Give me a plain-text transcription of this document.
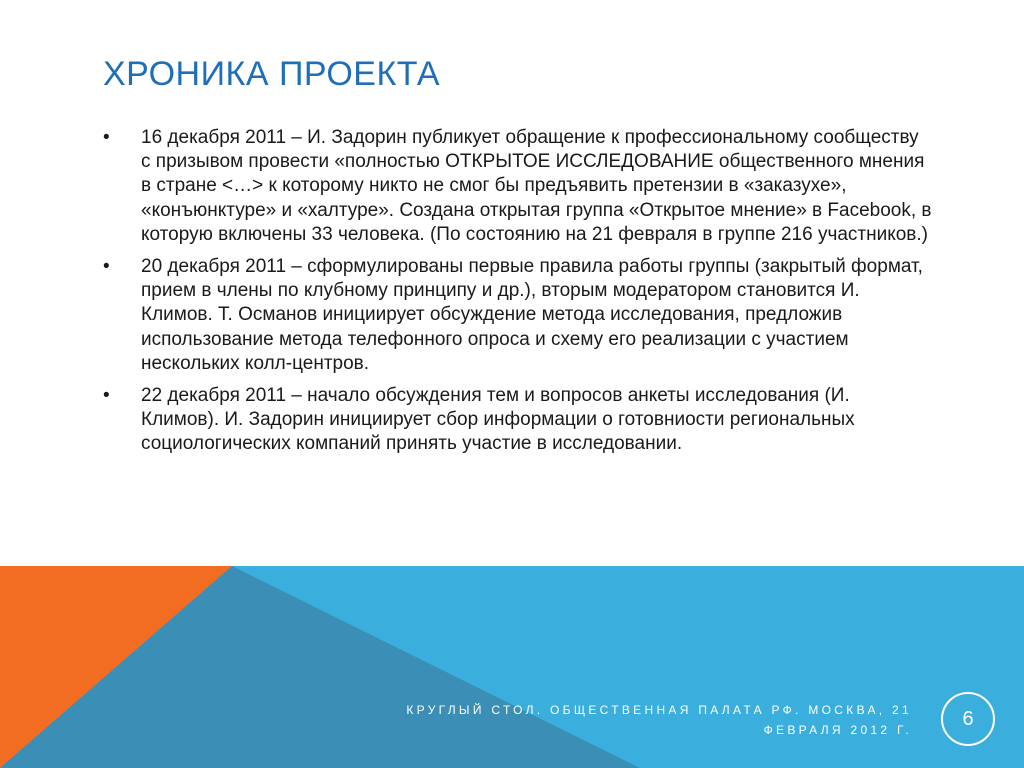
ХРОНИКА ПРОЕКТА
• 16 декабря 2011 – И. Задорин публикует обращение к профессиональному сообществу с призывом провести «полностью ОТКРЫТОЕ ИССЛЕДОВАНИЕ общественного мнения в стране <…> к которому никто не смог бы предъявить претензии в «заказухе», «конъюнктуре» и «халтуре». Создана открытая группа «Открытое мнение» в Facebook, в которую включены 33 человека. (По состоянию на 21 февраля в группе 216 участников.)
• 20 декабря 2011 – сформулированы первые правила работы группы (закрытый формат, прием в члены по клубному принципу и др.), вторым модератором становится И. Климов. Т. Османов инициирует обсуждение метода исследования, предложив использование метода телефонного опроса и схему его реализации с участием нескольких колл-центров.
• 22 декабря 2011 – начало обсуждения тем и вопросов анкеты исследования (И. Климов). И. Задорин инициирует сбор информации о готовниости региональных социологических компаний принять участие в исследовании.

КРУГЛЫЙ СТОЛ. ОБЩЕСТВЕННАЯ ПАЛАТА РФ. МОСКВА, 21
ФЕВРАЛЯ 2012 Г.	6
